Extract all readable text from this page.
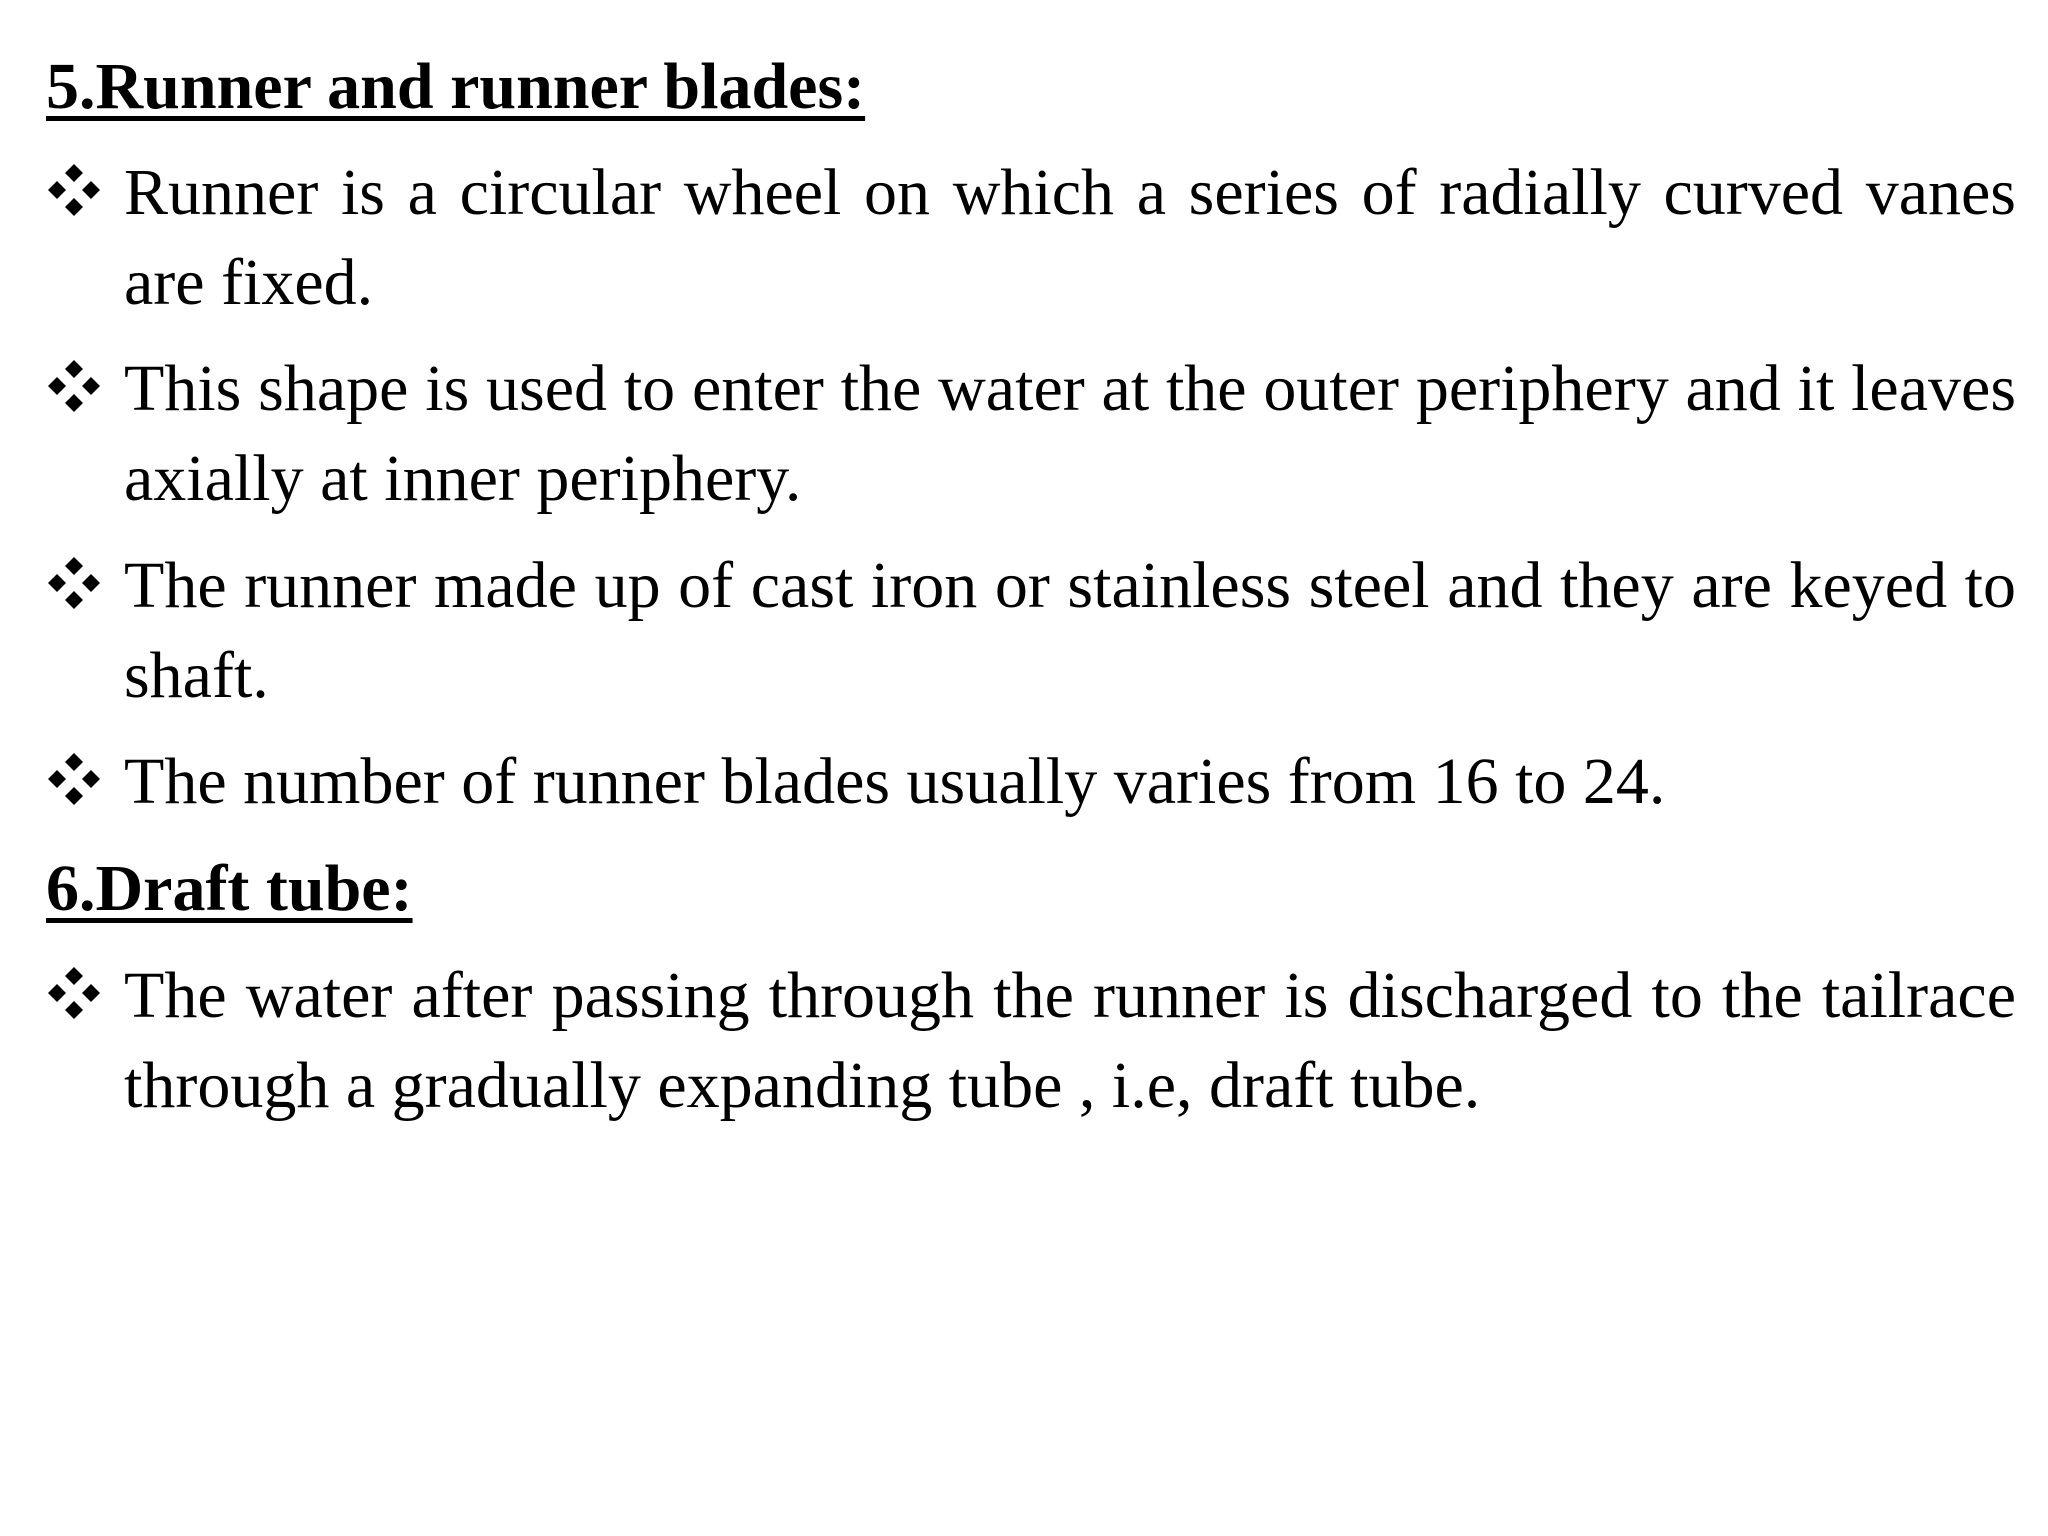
5.Runner and runner blades:

Runner is a circular wheel on which a series of radially curved vanes are fixed.

This shape is used to enter the water at the outer periphery and it leaves axially at inner periphery.

The runner made up of cast iron or stainless steel and they are keyed to shaft.

The number of runner blades usually varies from 16 to 24.

6.Draft tube:

The water after passing through the runner is discharged to the tailrace through a gradually expanding tube , i.e, draft tube.
